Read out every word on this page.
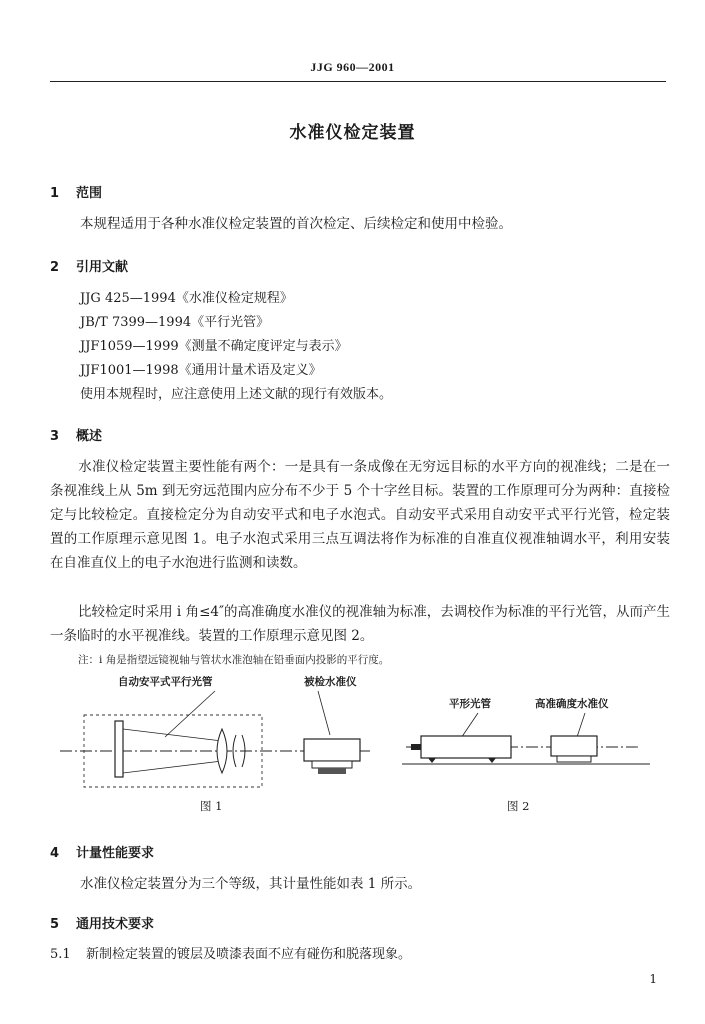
JJG 960—2001
水准仪检定装置
1 范围

本规程适用于各种水准仪检定装置的首次检定、后续检定和使用中检验。

2 引用文献
JJG 425—1994《水准仪检定规程》
JB/T 7399—1994《平行光管》
JJF1059—1999《测量不确定度评定与表示》
JJF1001—1998《通用计量术语及定义》
使用本规程时，应注意使用上述文献的现行有效版本。
3 概述

水准仪检定装置主要性能有两个：一是具有一条成像在无穷远目标的水平方向的视准线；二是在一条视准线上从 5m 到无穷远范围内应分布不少于 5 个十字丝目标。装置的工作原理可分为两种：直接检定与比较检定。直接检定分为自动安平式和电子水泡式。自动安平式采用自动安平式平行光管，检定装置的工作原理示意见图 1。电子水泡式采用三点互调法将作为标准的自准直仪视准轴调水平，利用安装在自准直仪上的电子水泡进行监测和读数。

比较检定时采用 i 角≤4″的高准确度水准仪的视准轴为标准，去调校作为标准的平行光管，从而产生一条临时的水平视准线。装置的工作原理示意见图 2。

注：i 角是指望远镜视轴与管状水准泡轴在铅垂面内投影的平行度。
自动安平式平行光管	被检水准仪
图 1
平形光管	高准确度水准仪
图 2
4 计量性能要求

水准仪检定装置分为三个等级，其计量性能如表 1 所示。

5 通用技术要求
5.1 新制检定装置的镀层及喷漆表面不应有碰伤和脱落现象。
1
